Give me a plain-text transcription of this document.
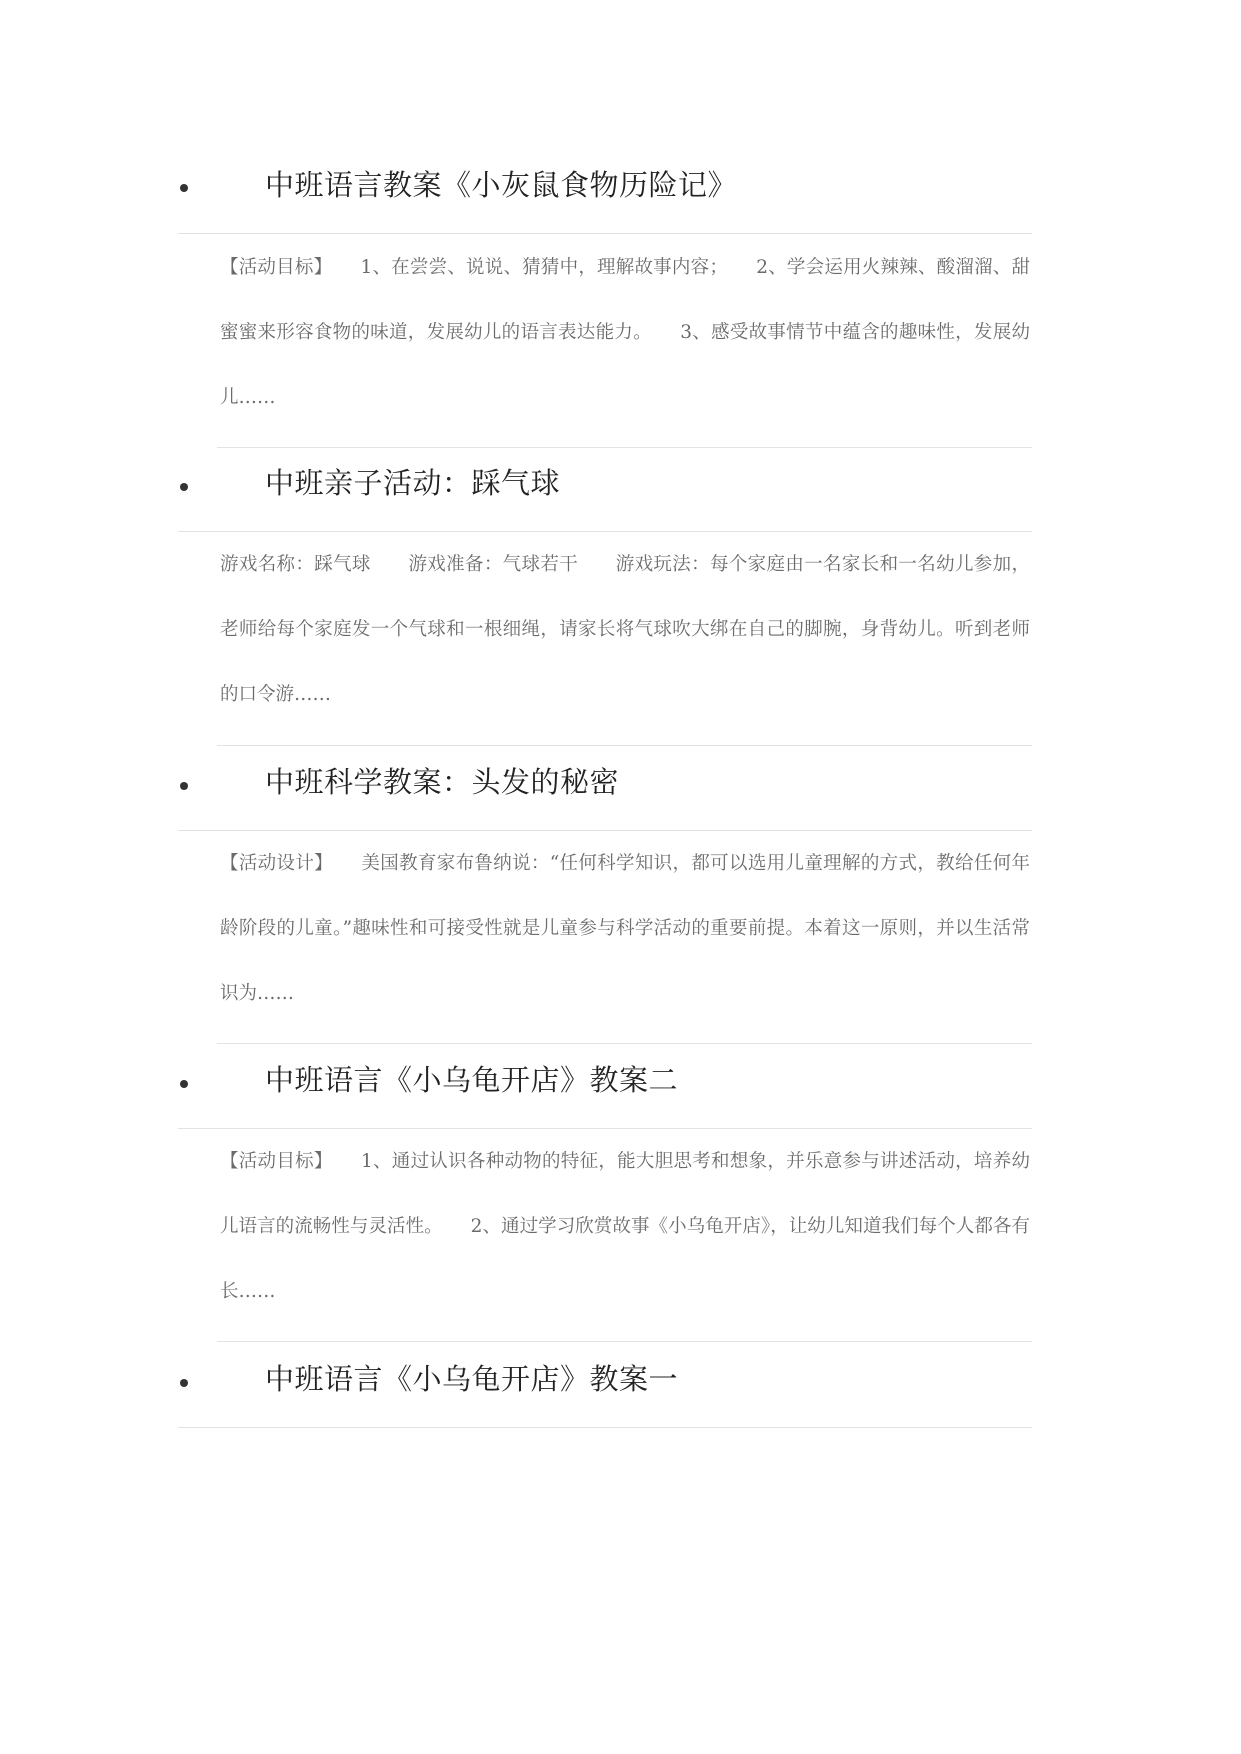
中班语言教案《小灰鼠食物历险记》
【活动目标】　　1、在尝尝、说说、猜猜中，理解故事内容；　　2、学会运用火辣辣、酸溜溜、甜蜜蜜来形容食物的味道，发展幼儿的语言表达能力。　　3、感受故事情节中蕴含的趣味性，发展幼儿……
中班亲子活动：踩气球
游戏名称：踩气球　　游戏准备：气球若干　　游戏玩法：每个家庭由一名家长和一名幼儿参加，老师给每个家庭发一个气球和一根细绳，请家长将气球吹大绑在自己的脚腕，身背幼儿。听到老师的口令游……
中班科学教案：头发的秘密
【活动设计】　　美国教育家布鲁纳说：“任何科学知识，都可以选用儿童理解的方式，教给任何年龄阶段的儿童。”趣味性和可接受性就是儿童参与科学活动的重要前提。本着这一原则，并以生活常识为……
中班语言《小乌龟开店》教案二
【活动目标】　　1、通过认识各种动物的特征，能大胆思考和想象，并乐意参与讲述活动，培养幼儿语言的流畅性与灵活性。　　2、通过学习欣赏故事《小乌龟开店》，让幼儿知道我们每个人都各有长……
中班语言《小乌龟开店》教案一
